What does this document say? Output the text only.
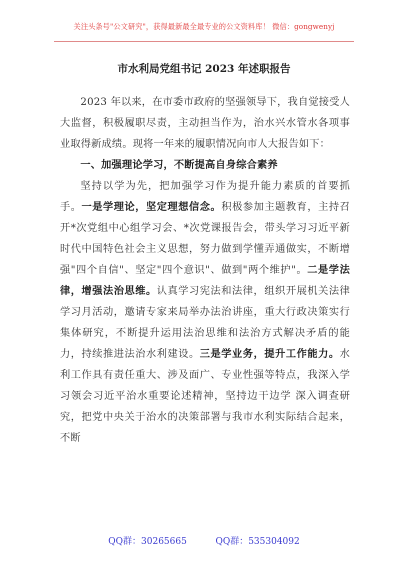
关注头条号"公文研究"，获得最新最全最专业的公文资料库！ 微信：gongwenyj
市水利局党组书记 2023 年述职报告

2023 年以来，在市委市政府的坚强领导下，我自觉接受人大监督，积极履职尽责，主动担当作为，治水兴水管水各项事业取得新成绩。现将一年来的履职情况向市人大报告如下：

一、加强理论学习，不断提高自身综合素养

坚持以学为先，把加强学习作为提升能力素质的首要抓手。一是学理论，坚定理想信念。积极参加主题教育，主持召开*次党组中心组学习会、*次党课报告会，带头学习习近平新时代中国特色社会主义思想，努力做到学懂弄通做实，不断增强"四个自信"、坚定"四个意识"、做到"两个维护"。二是学法律，增强法治思维。认真学习宪法和法律，组织开展机关法律学习月活动，邀请专家来局举办法治讲座，重大行政决策实行集体研究，不断提升运用法治思维和法治方式解决矛盾的能力，持续推进法治水利建设。三是学业务，提升工作能力。水利工作具有责任重大、涉及面广、专业性强等特点，我深入学习领会习近平治水重要论述精神，坚持边干边学 深入调查研究，把党中央关于治水的决策部署与我市水利实际结合起来，不断

QQ群：30265665          QQ群：535304092
